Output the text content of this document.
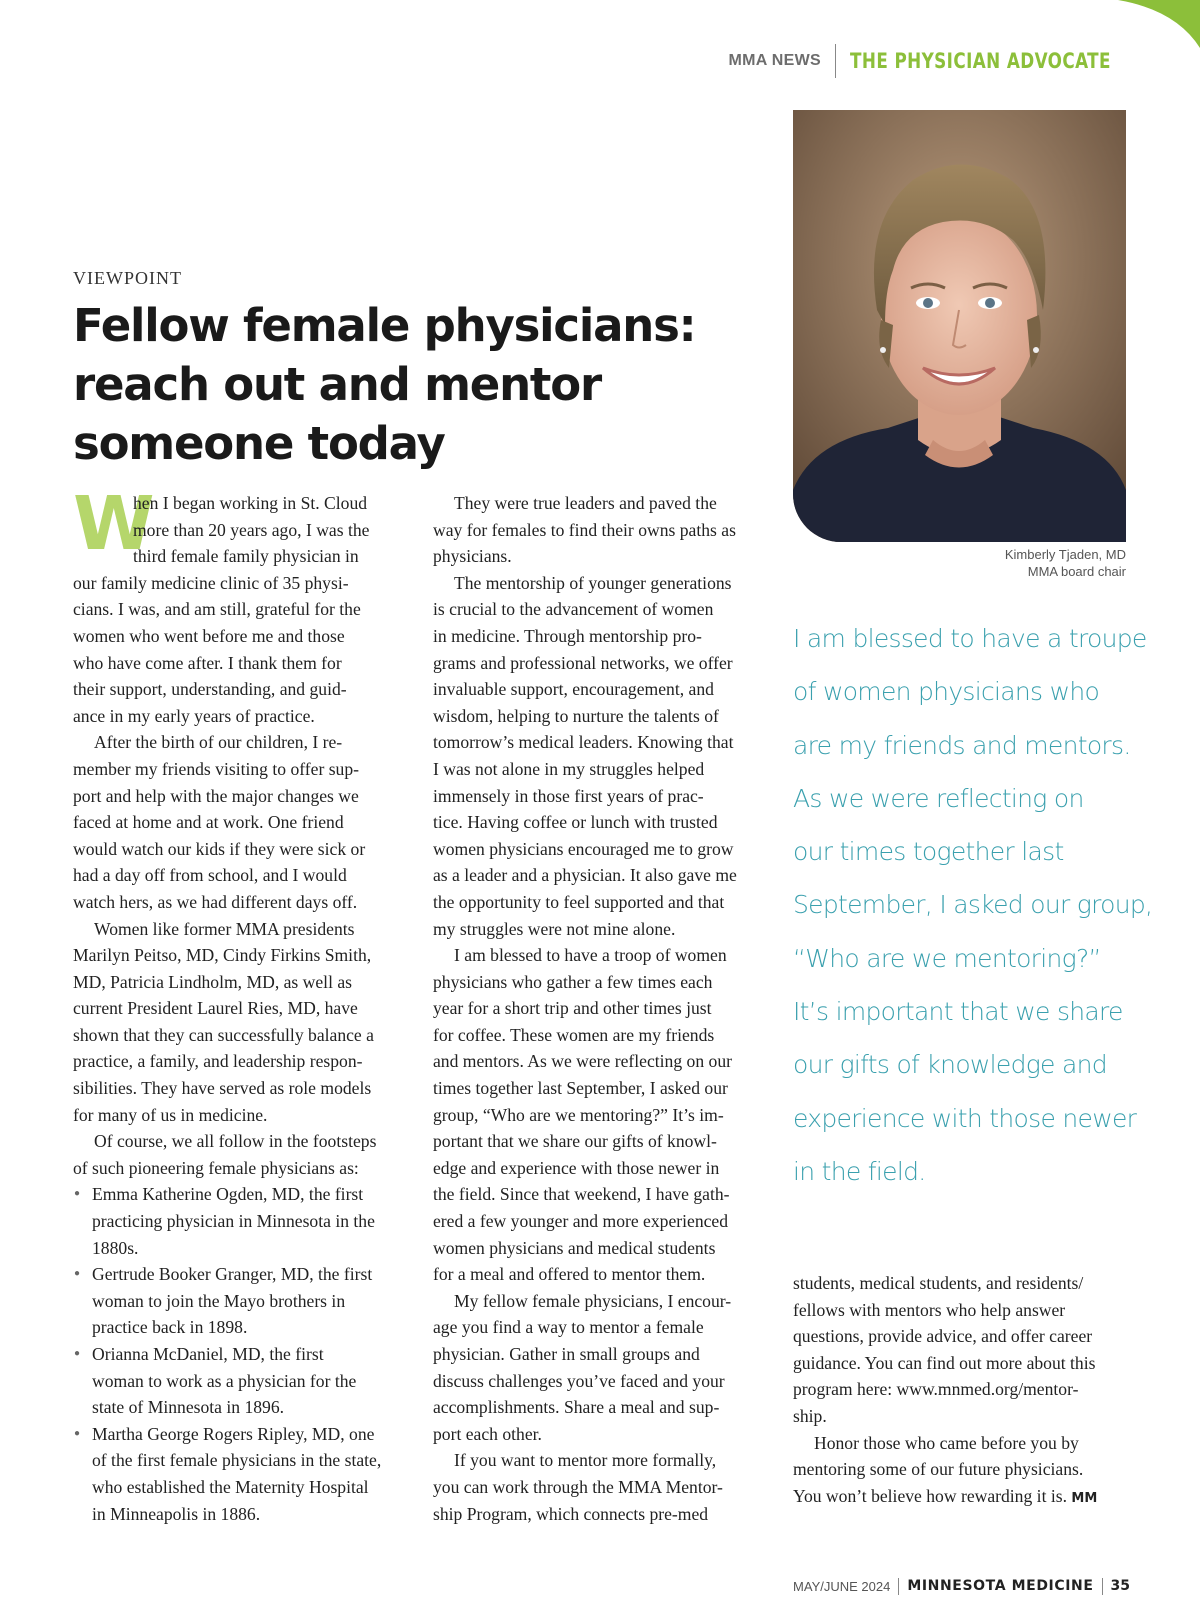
MMA NEWS THE PHYSICIAN ADVOCATE
Kimberly Tjaden, MD
MMA board chair
VIEWPOINT
Fellow female physicians:
reach out and mentor
someone today
W
hen I began working in St. Cloud
more than 20 years ago, I was the
third female family physician in
our family medicine clinic of 35 physi-
cians. I was, and am still, grateful for the
women who went before me and those
who have come after. I thank them for
their support, understanding, and guid-
ance in my early years of practice.
After the birth of our children, I re-
member my friends visiting to offer sup-
port and help with the major changes we
faced at home and at work. One friend
would watch our kids if they were sick or
had a day off from school, and I would
watch hers, as we had different days off.
Women like former MMA presidents
Marilyn Peitso, MD, Cindy Firkins Smith,
MD, Patricia Lindholm, MD, as well as
current President Laurel Ries, MD, have
shown that they can successfully balance a
practice, a family, and leadership respon-
sibilities. They have served as role models
for many of us in medicine.
Of course, we all follow in the footsteps
of such pioneering female physicians as:
● Emma Katherine Ogden, MD, the first
practicing physician in Minnesota in the
1880s.
● Gertrude Booker Granger, MD, the first
woman to join the Mayo brothers in
practice back in 1898.
● Orianna McDaniel, MD, the first
woman to work as a physician for the
state of Minnesota in 1896.
● Martha George Rogers Ripley, MD, one
of the first female physicians in the state,
who established the Maternity Hospital
in Minneapolis in 1886.
They were true leaders and paved the
way for females to find their owns paths as
physicians.
The mentorship of younger generations
is crucial to the advancement of women
in medicine. Through mentorship pro-
grams and professional networks, we offer
invaluable support, encouragement, and
wisdom, helping to nurture the talents of
tomorrow’s medical leaders. Knowing that
I was not alone in my struggles helped
immensely in those first years of prac-
tice. Having coffee or lunch with trusted
women physicians encouraged me to grow
as a leader and a physician. It also gave me
the opportunity to feel supported and that
my struggles were not mine alone.
I am blessed to have a troop of women
physicians who gather a few times each
year for a short trip and other times just
for coffee. These women are my friends
and mentors. As we were reflecting on our
times together last September, I asked our
group, “Who are we mentoring?” It’s im-
portant that we share our gifts of knowl-
edge and experience with those newer in
the field. Since that weekend, I have gath-
ered a few younger and more experienced
women physicians and medical students
for a meal and offered to mentor them.
My fellow female physicians, I encour-
age you find a way to mentor a female
physician. Gather in small groups and
discuss challenges you’ve faced and your
accomplishments. Share a meal and sup-
port each other.
If you want to mentor more formally,
you can work through the MMA Mentor-
ship Program, which connects pre-med
I am blessed to have a troupe
of women physicians who
are my friends and mentors.
As we were reflecting on
our times together last
September, I asked our group,
“Who are we mentoring?”
It’s important that we share
our gifts of knowledge and
experience with those newer
in the field.
students, medical students, and residents/
fellows with mentors who help answer
questions, provide advice, and offer career
guidance. You can find out more about this
program here: www.mnmed.org/mentor-
ship.
Honor those who came before you by
mentoring some of our future physicians.
You won’t believe how rewarding it is. MM
MAY/JUNE 2024 MINNESOTA MEDICINE 35
